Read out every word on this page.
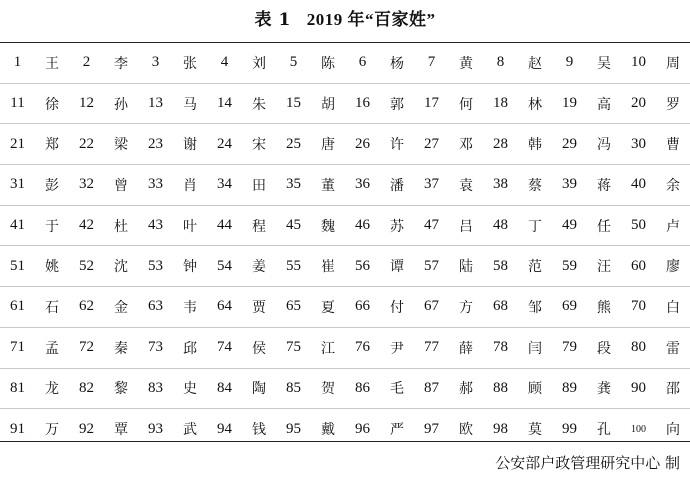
表 1 2019 年“百家姓”
1	王	2	李	3	张	4	刘	5	陈	6	杨	7	黄	8	赵	9	吴	10	周
11	徐	12	孙	13	马	14	朱	15	胡	16	郭	17	何	18	林	19	高	20	罗
21	郑	22	梁	23	谢	24	宋	25	唐	26	许	27	邓	28	韩	29	冯	30	曹
31	彭	32	曾	33	肖	34	田	35	董	36	潘	37	袁	38	蔡	39	蒋	40	余
41	于	42	杜	43	叶	44	程	45	魏	46	苏	47	吕	48	丁	49	任	50	卢
51	姚	52	沈	53	钟	54	姜	55	崔	56	谭	57	陆	58	范	59	汪	60	廖
61	石	62	金	63	韦	64	贾	65	夏	66	付	67	方	68	邹	69	熊	70	白
71	孟	72	秦	73	邱	74	侯	75	江	76	尹	77	薛	78	闫	79	段	80	雷
81	龙	82	黎	83	史	84	陶	85	贺	86	毛	87	郝	88	顾	89	龚	90	邵
91	万	92	覃	93	武	94	钱	95	戴	96	严	97	欧	98	莫	99	孔	100	向
公安部户政管理研究中心 制
